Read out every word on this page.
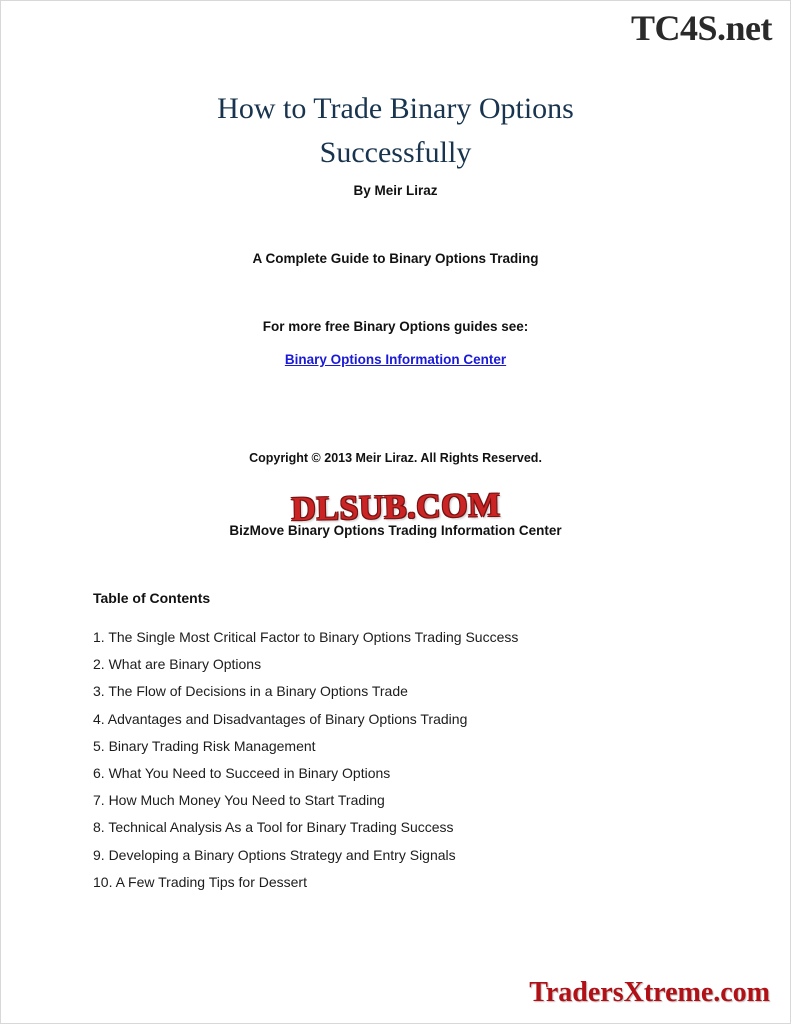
TC4S.net
How to Trade Binary Options Successfully
By Meir Liraz
A Complete Guide to Binary Options Trading
For more free Binary Options guides see:
Binary Options Information Center
Copyright © 2013 Meir Liraz. All Rights Reserved.
BizMove Binary Options Trading Information Center
DLSUB.COM
Table of Contents
1. The Single Most Critical Factor to Binary Options Trading Success
2. What are Binary Options
3. The Flow of Decisions in a Binary Options Trade
4. Advantages and Disadvantages of Binary Options Trading
5. Binary Trading Risk Management
6. What You Need to Succeed in Binary Options
7. How Much Money You Need to Start Trading
8. Technical Analysis As a Tool for Binary Trading Success
9. Developing a Binary Options Strategy and Entry Signals
10. A Few Trading Tips for Dessert
TradersXtreme.com
